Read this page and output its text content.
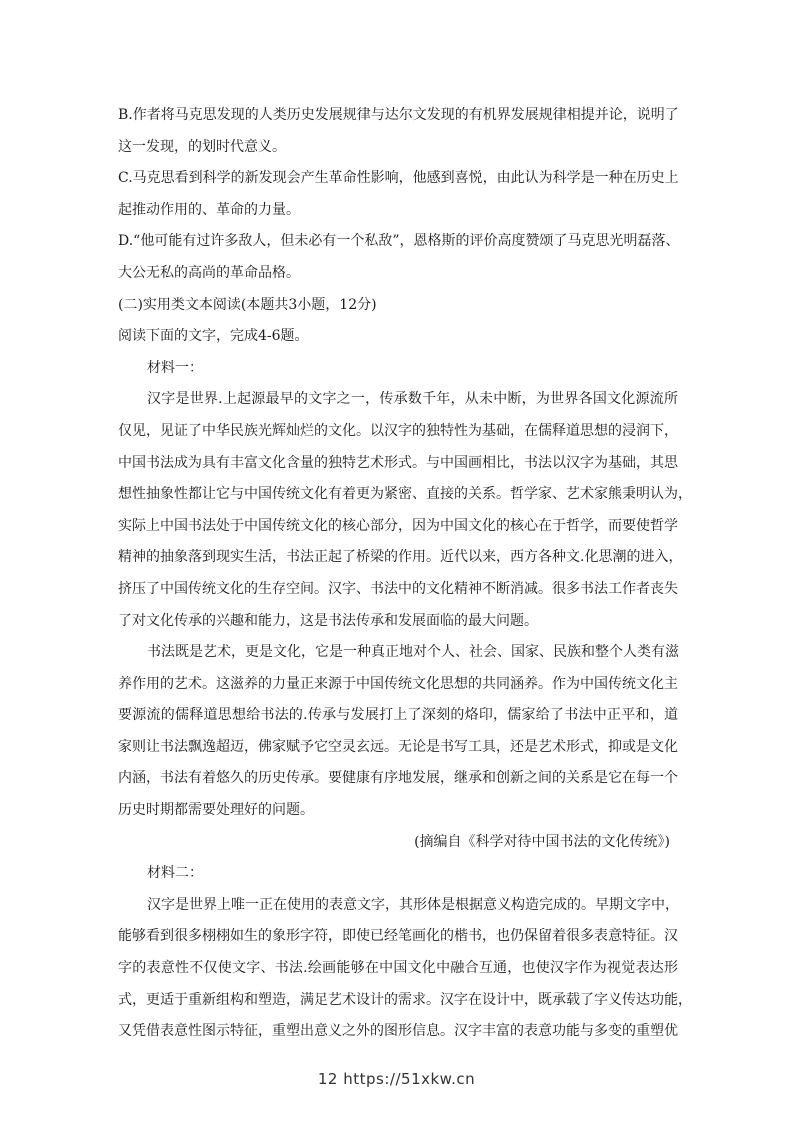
B.作者将马克思发现的人类历史发展规律与达尔文发现的有机界发展规律相提并论，说明了
这一发现，的划时代意义。
C.马克思看到科学的新发现会产生革命性影响，他感到喜悦，由此认为科学是一种在历史上
起推动作用的、革命的力量。
D.“他可能有过许多敌人，但未必有一个私敌”，恩格斯的评价高度赞颂了马克思光明磊落、
大公无私的高尚的革命品格。
(二)实用类文本阅读(本题共3小题，12分)
阅读下面的文字，完成4-6题。
材料一：
汉字是世界.上起源最早的文字之一，传承数千年，从未中断，为世界各国文化源流所
仅见，见证了中华民族光辉灿烂的文化。以汉字的独特性为基础，在儒释道思想的浸润下，
中国书法成为具有丰富文化含量的独特艺术形式。与中国画相比，书法以汉字为基础，其思
想性抽象性都让它与中国传统文化有着更为紧密、直接的关系。哲学家、艺术家熊秉明认为，
实际上中国书法处于中国传统文化的核心部分，因为中国文化的核心在于哲学，而要使哲学
精神的抽象落到现实生活，书法正起了桥梁的作用。近代以来，西方各种文.化思潮的进入，
挤压了中国传统文化的生存空间。汉字、书法中的文化精神不断消减。很多书法工作者丧失
了对文化传承的兴趣和能力，这是书法传承和发展面临的最大问题。
书法既是艺术，更是文化，它是一种真正地对个人、社会、国家、民族和整个人类有滋
养作用的艺术。这滋养的力量正来源于中国传统文化思想的共同涵养。作为中国传统文化主
要源流的儒释道思想给书法的.传承与发展打上了深刻的烙印，儒家给了书法中正平和，道
家则让书法飘逸超迈，佛家赋予它空灵玄远。无论是书写工具，还是艺术形式，抑或是文化
内涵，书法有着悠久的历史传承。要健康有序地发展，继承和创新之间的关系是它在每一个
历史时期都需要处理好的问题。
(摘编自《科学对待中国书法的文化传统》)
材料二：
汉字是世界上唯一正在使用的表意文字，其形体是根据意义构造完成的。早期文字中，
能够看到很多栩栩如生的象形字符，即使已经笔画化的楷书，也仍保留着很多表意特征。汉
字的表意性不仅使文字、书法.绘画能够在中国文化中融合互通，也使汉字作为视觉表达形
式，更适于重新组构和塑造，满足艺术设计的需求。汉字在设计中，既承载了字义传达功能，
又凭借表意性图示特征，重塑出意义之外的图形信息。汉字丰富的表意功能与多变的重塑优
12 https://51xkw.cn
